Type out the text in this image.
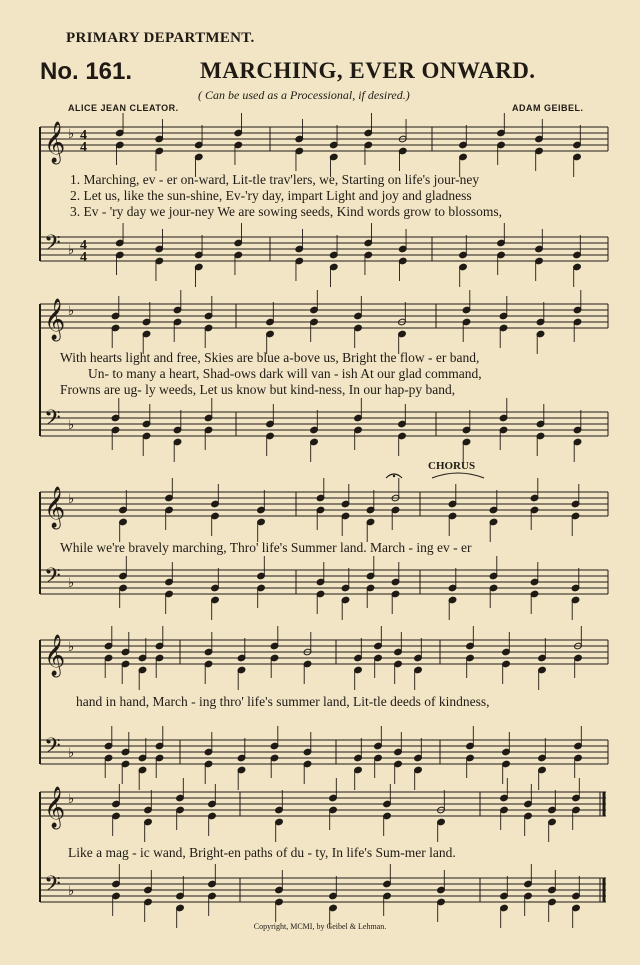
PRIMARY DEPARTMENT.
No. 161.	MARCHING, EVER ONWARD.
( Can be used as a Processional, if desired.)
ALICE JEAN CLEATOR.	ADAM GEIBEL.
CHORUS
𝄞
𝄢
♭
♭
4
4
4
4
𝄞
𝄢
♭
♭
𝄞
𝄢
♭
♭
𝄞
𝄢
♭
♭
𝄞
𝄢
♭
♭
1. Marching, ev - er on-ward, Lit-tle trav'lers, we, Starting on life's jour-ney
2. Let us, like the sun-shine, Ev-'ry day, impart Light and joy and gladness
3. Ev - 'ry day we jour-ney We are sowing seeds, Kind words grow to blossoms,
With hearts light and free, Skies are blue a-bove us, Bright the flow - er band,
Un- to many a heart, Shad-ows dark will van - ish At our glad command,
Frowns are ug- ly weeds, Let us know but kind-ness, In our hap-py band,
While we're bravely marching, Thro' life's Summer land. March - ing ev - er
hand in hand, March - ing thro' life's summer land, Lit-tle deeds of kindness,
Like a mag - ic wand, Bright-en paths of du - ty, In life's Sum-mer land.
Copyright, MCMI, by Geibel & Lehman.
